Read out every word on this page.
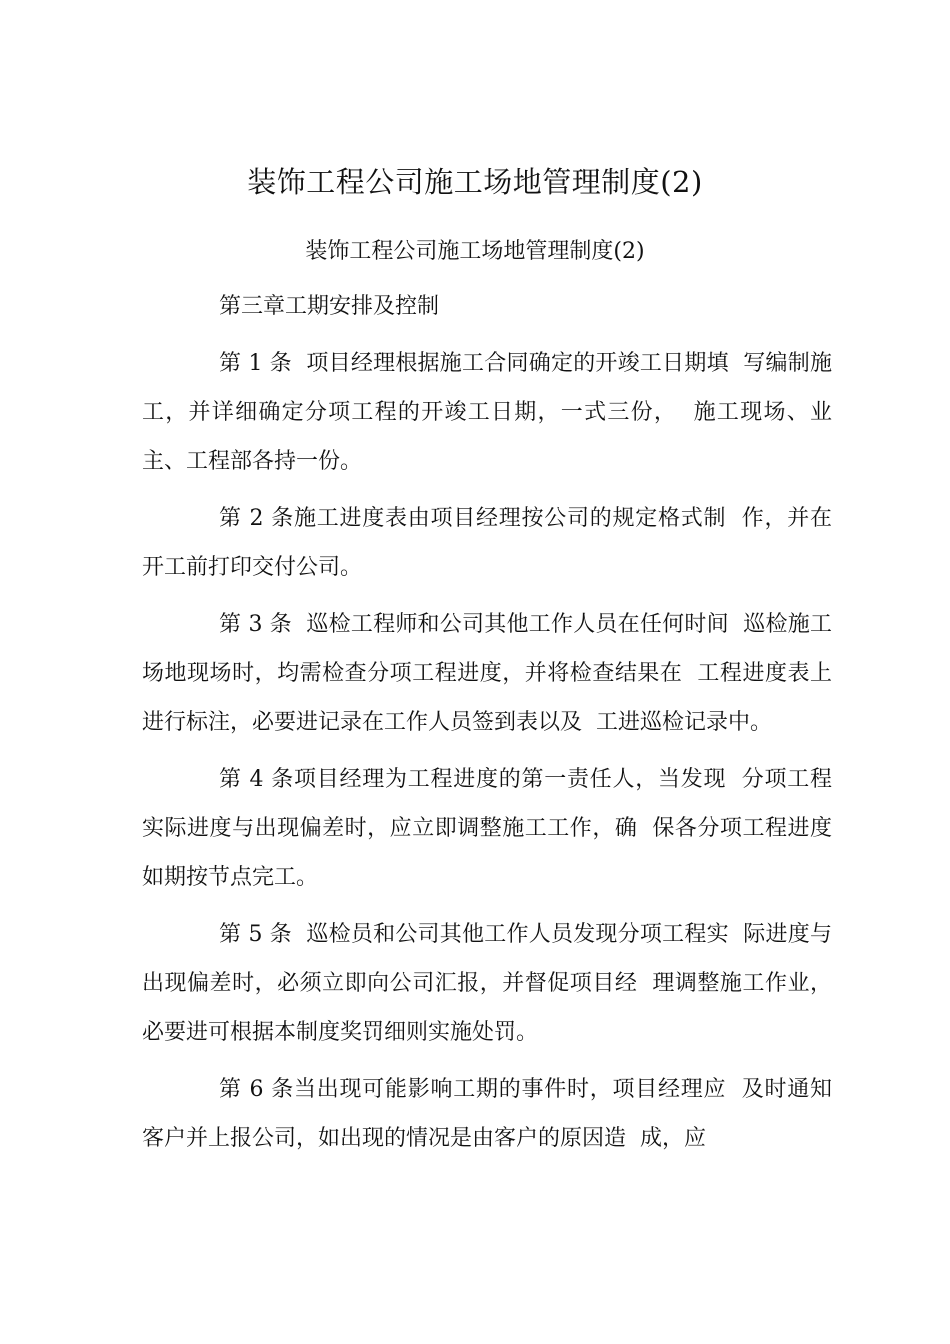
装饰工程公司施工场地管理制度(2)
装饰工程公司施工场地管理制度(2)

第三章工期安排及控制

第 1 条  项目经理根据施工合同确定的开竣工日期填  写编制施工，并详细确定分项工程的开竣工日期，一式三份，  施工现场、业主、工程部各持一份。

第 2 条施工进度表由项目经理按公司的规定格式制  作，并在开工前打印交付公司。

第 3 条  巡检工程师和公司其他工作人员在任何时间  巡检施工场地现场时，均需检查分项工程进度，并将检查结果在  工程进度表上进行标注，必要进记录在工作人员签到表以及  工进巡检记录中。

第 4 条项目经理为工程进度的第一责任人，当发现  分项工程实际进度与出现偏差时，应立即调整施工工作，确  保各分项工程进度如期按节点完工。

第 5 条  巡检员和公司其他工作人员发现分项工程实  际进度与出现偏差时，必须立即向公司汇报，并督促项目经  理调整施工作业，必要进可根据本制度奖罚细则实施处罚。

第 6 条当出现可能影响工期的事件时，项目经理应  及时通知客户并上报公司，如出现的情况是由客户的原因造  成，应
